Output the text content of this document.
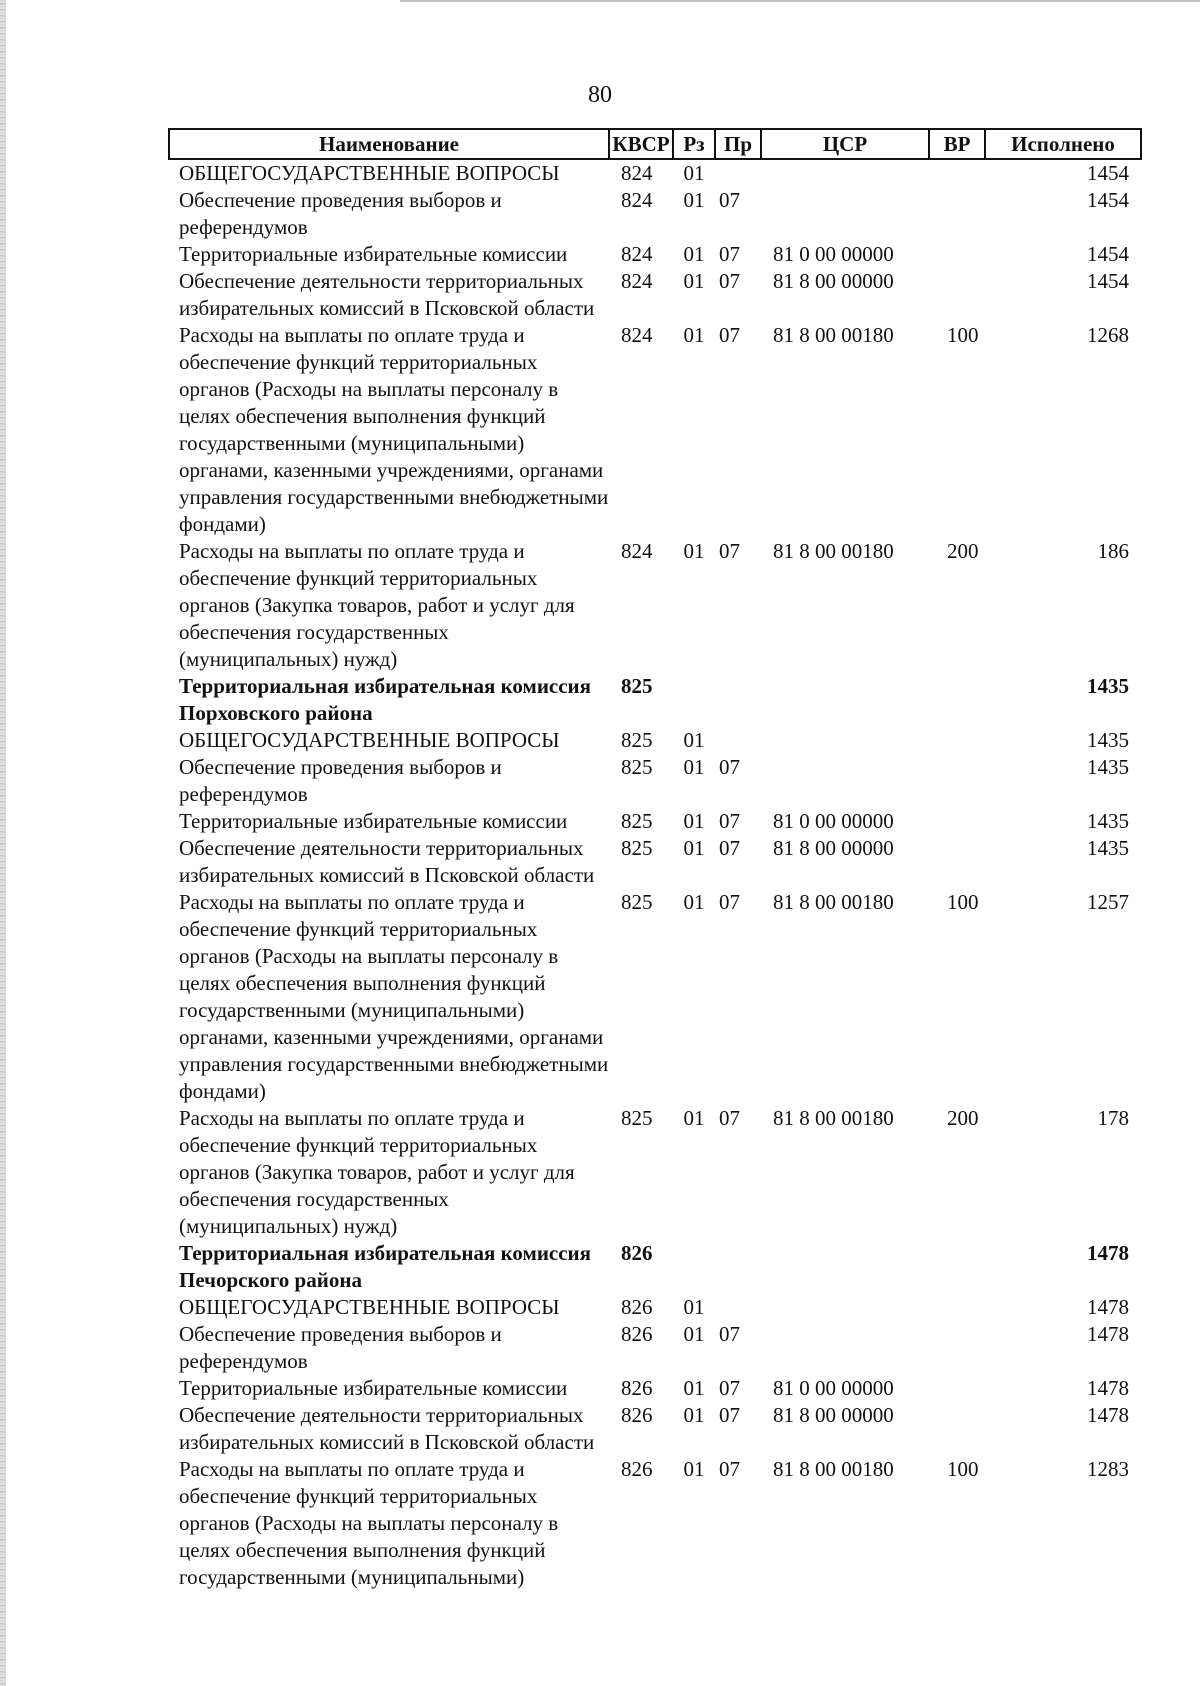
80
Наименование	КВСР	Рз	Пр	ЦСР	ВР	Исполнено
ОБЩЕГОСУДАРСТВЕННЫЕ ВОПРОСЫ	824	01				1454
Обеспечение проведения выборов и референдумов	824	01	07			1454
Территориальные избирательные комиссии	824	01	07	81 0 00 00000		1454
Обеспечение деятельности территориальных избирательных комиссий в Псковской области	824	01	07	81 8 00 00000		1454
Расходы на выплаты по оплате труда и обеспечение функций территориальных органов (Расходы на выплаты персоналу в целях обеспечения выполнения функций государственными (муниципальными) органами, казенными учреждениями, органами управления государственными внебюджетными фондами)	824	01	07	81 8 00 00180	100	1268
Расходы на выплаты по оплате труда и обеспечение функций территориальных органов (Закупка товаров, работ и услуг для обеспечения государственных (муниципальных) нужд)	824	01	07	81 8 00 00180	200	186
Территориальная избирательная комиссия Порховского района	825					1435
ОБЩЕГОСУДАРСТВЕННЫЕ ВОПРОСЫ	825	01				1435
Обеспечение проведения выборов и референдумов	825	01	07			1435
Территориальные избирательные комиссии	825	01	07	81 0 00 00000		1435
Обеспечение деятельности территориальных избирательных комиссий в Псковской области	825	01	07	81 8 00 00000		1435
Расходы на выплаты по оплате труда и обеспечение функций территориальных органов (Расходы на выплаты персоналу в целях обеспечения выполнения функций государственными (муниципальными) органами, казенными учреждениями, органами управления государственными внебюджетными фондами)	825	01	07	81 8 00 00180	100	1257
Расходы на выплаты по оплате труда и обеспечение функций территориальных органов (Закупка товаров, работ и услуг для обеспечения государственных (муниципальных) нужд)	825	01	07	81 8 00 00180	200	178
Территориальная избирательная комиссия Печорского района	826					1478
ОБЩЕГОСУДАРСТВЕННЫЕ ВОПРОСЫ	826	01				1478
Обеспечение проведения выборов и референдумов	826	01	07			1478
Территориальные избирательные комиссии	826	01	07	81 0 00 00000		1478
Обеспечение деятельности территориальных избирательных комиссий в Псковской области	826	01	07	81 8 00 00000		1478
Расходы на выплаты по оплате труда и обеспечение функций территориальных органов (Расходы на выплаты персоналу в целях обеспечения выполнения функций государственными (муниципальными)	826	01	07	81 8 00 00180	100	1283
